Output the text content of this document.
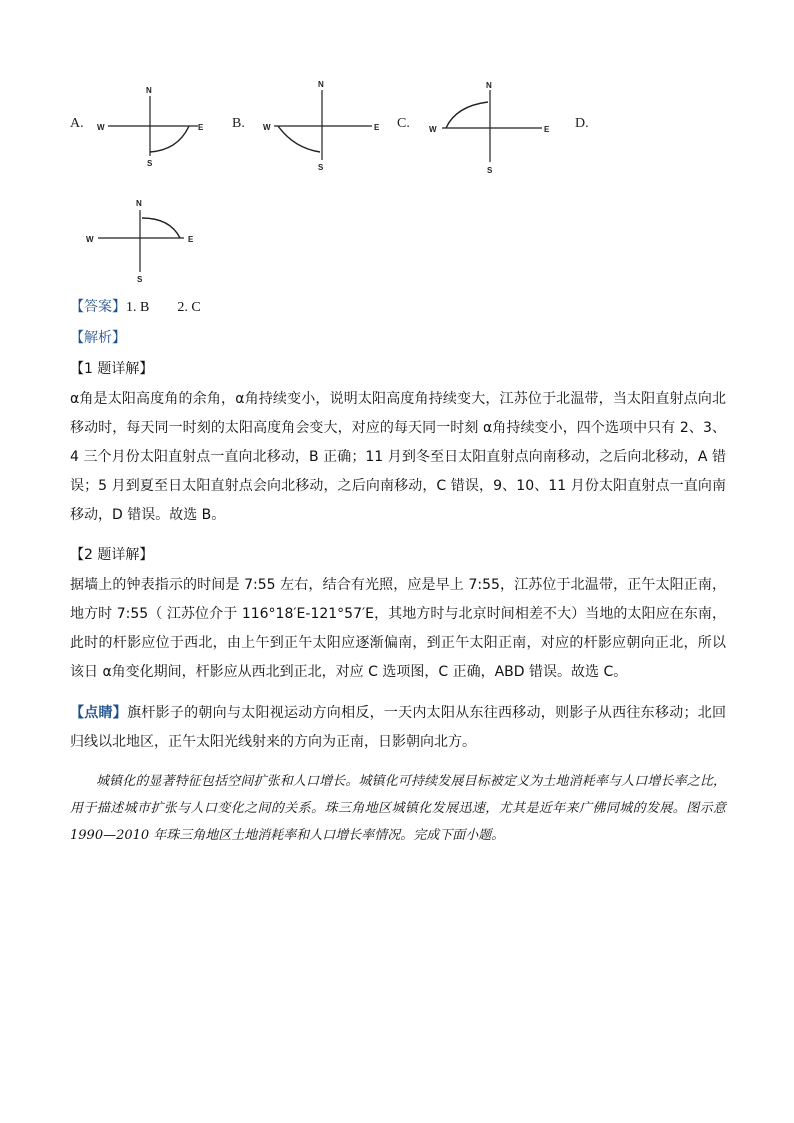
A.
N
S
W	E B.
N
S
W	E C.
N
S
W	E D.
N
S
W	E
【答案】1. B        2. C
【解析】
【1 题详解】
α角是太阳高度角的余角，α角持续变小，说明太阳高度角持续变大，江苏位于北温带，当太阳直射点向北移动时，每天同一时刻的太阳高度角会变大，对应的每天同一时刻 α角持续变小，四个选项中只有 2、3、4 三个月份太阳直射点一直向北移动，B 正确；11 月到冬至日太阳直射点向南移动，之后向北移动，A 错误；5 月到夏至日太阳直射点会向北移动，之后向南移动，C 错误，9、10、11 月份太阳直射点一直向南移动，D 错误。故选 B。
【2 题详解】
据墙上的钟表指示的时间是 7:55 左右，结合有光照，应是早上 7:55，江苏位于北温带，正午太阳正南，地方时 7:55（ 江苏位介于 116°18′E-121°57′E，其地方时与北京时间相差不大）当地的太阳应在东南，此时的杆影应位于西北，由上午到正午太阳应逐渐偏南，到正午太阳正南，对应的杆影应朝向正北，所以该日 α角变化期间，杆影应从西北到正北，对应 C 选项图，C 正确，ABD 错误。故选 C。
【点睛】旗杆影子的朝向与太阳视运动方向相反，一天内太阳从东往西移动，则影子从西往东移动；北回归线以北地区，正午太阳光线射来的方向为正南，日影朝向北方。
城镇化的显著特征包括空间扩张和人口增长。城镇化可持续发展目标被定义为土地消耗率与人口增长率之比，用于描述城市扩张与人口变化之间的关系。珠三角地区城镇化发展迅速，尤其是近年来广佛同城的发展。图示意 1990—2010 年珠三角地区土地消耗率和人口增长率情况。完成下面小题。
